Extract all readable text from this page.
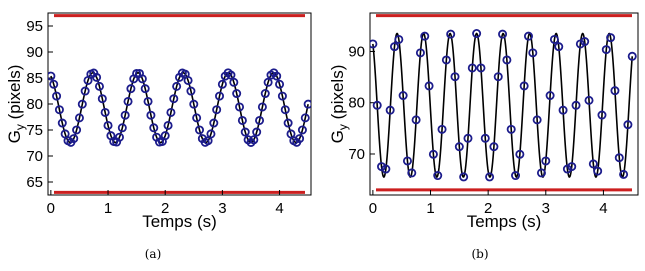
0	1	2	3	4
65
70
75
80
85
90
95
Temps (s)
$G_y$ (pixels)
(a)
0	1	2	3	4
70
80
90
Temps (s)
$G_y$ (pixels)
(b)
